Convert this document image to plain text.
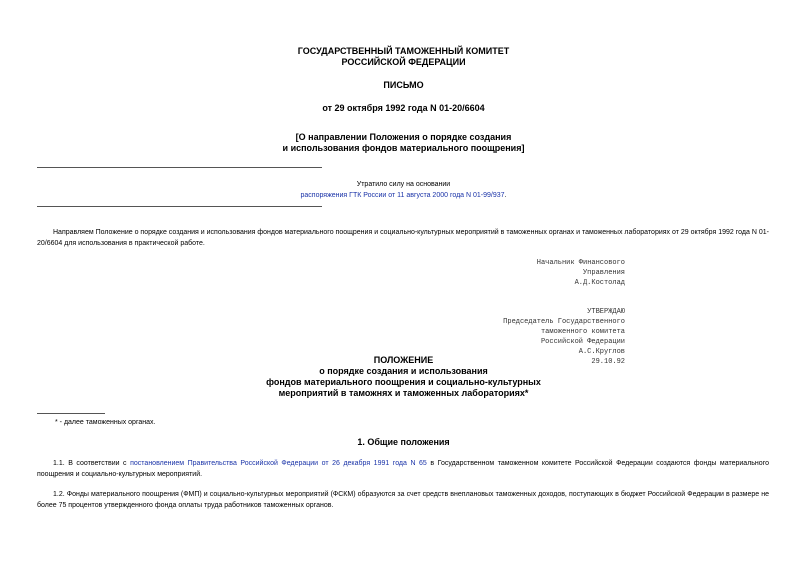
ГОСУДАРСТВЕННЫЙ ТАМОЖЕННЫЙ КОМИТЕТ
РОССИЙСКОЙ ФЕДЕРАЦИИ
ПИСЬМО
от 29 октября 1992 года N 01-20/6604
[О направлении Положения о порядке создания
и использования фондов материального поощрения]
Утратило силу на основании
распоряжения ГТК России от 11 августа 2000 года N 01-99/937.
Направляем Положение о порядке создания и использования фондов материального поощрения и социально-культурных мероприятий в таможенных органах и таможенных лабораториях от 29 октября 1992 года N 01-20/6604 для использования в практической работе.
Начальник Финансового
Управления
А.Д.Костолад
УТВЕРЖДАЮ
Председатель Государственного
таможенного комитета
Российской Федерации
А.С.Круглов
29.10.92
ПОЛОЖЕНИЕ
о порядке создания и использования
фондов материального поощрения и социально-культурных
мероприятий в таможнях и таможенных лабораториях*
* - далее таможенных органах.
1. Общие положения
1.1. В соответствии с постановлением Правительства Российской Федерации от 26 декабря 1991 года N 65 в Государственном таможенном комитете Российской Федерации создаются фонды материального поощрения и социально-культурных мероприятий.
1.2. Фонды материального поощрения (ФМП) и социально-культурных мероприятий (ФСКМ) образуются за счет средств внеплановых таможенных доходов, поступающих в бюджет Российской Федерации в размере не более 75 процентов утвержденного фонда оплаты труда работников таможенных органов.
